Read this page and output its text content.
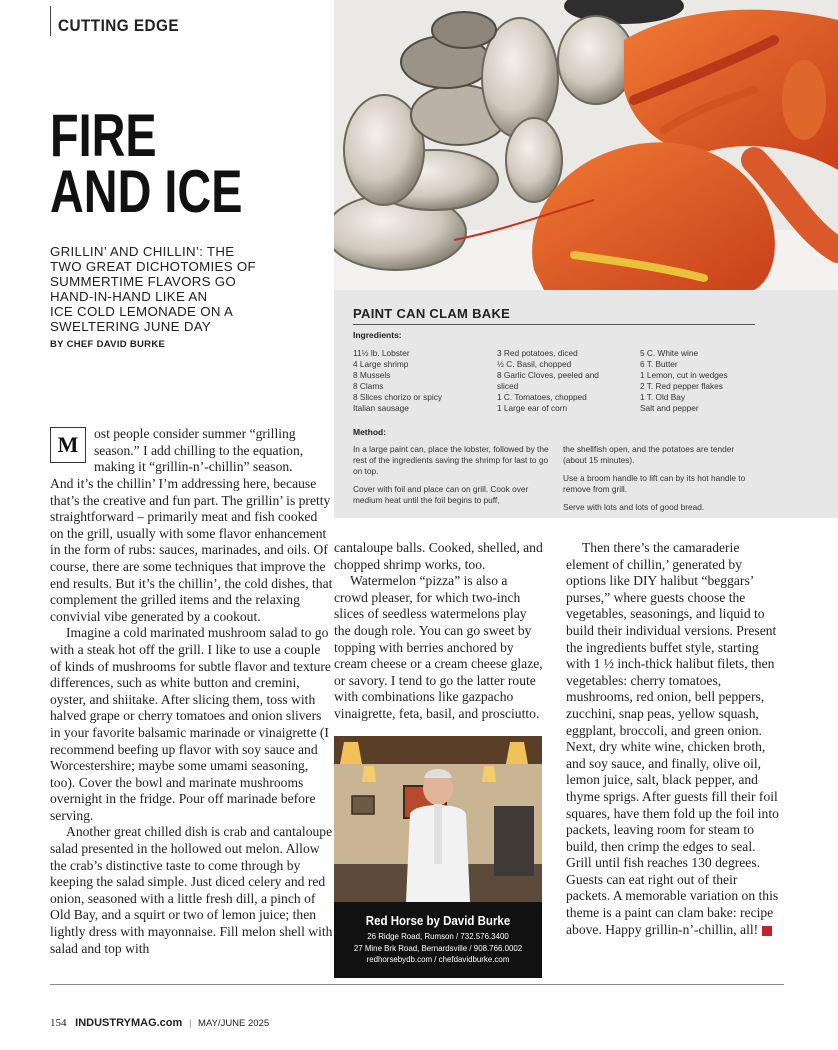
CUTTING EDGE
FIRE
AND ICE
GRILLIN’ AND CHILLIN’: THE
TWO GREAT DICHOTOMIES OF
SUMMERTIME FLAVORS GO
HAND-IN-HAND LIKE AN
ICE COLD LEMONADE ON A
SWELTERING JUNE DAY
BY CHEF DAVID BURKE
PAINT CAN CLAM BAKE
Ingredients:
11½ lb. Lobster
4 Large shrimp
8 Mussels
8 Clams
8 Slices chorizo or spicy
Italian sausage
3 Red potatoes, diced
½ C. Basil, chopped
8 Garlic Cloves, peeled and
sliced
1 C. Tomatoes, chopped
1 Large ear of corn
5 C. White wine
6 T. Butter
1 Lemon, cut in wedges
2 T. Red pepper flakes
1 T. Old Bay
Salt and pepper
Method:

In a large paint can, place the lobster, followed by the rest of the ingredients saving the shrimp for last to go on top.

Cover with foil and place can on grill. Cook over medium heat until the foil begins to puff,

the shellfish open, and the potatoes are tender (about 15 minutes).

Use a broom handle to lift can by its hot handle to remove from grill.

Serve with lots and lots of good bread.

M	ost people consider summer “grilling
season.” I add chilling to the equation,
making it “grillin-n’-chillin” season.

And it’s the chillin’ I’m addressing here, because that’s the creative and fun part. The grillin’ is pretty straightforward – primarily meat and fish cooked on the grill, usually with some flavor enhancement in the form of rubs: sauces, marinades, and oils. Of course, there are some techniques that improve the end results. But it’s the chillin’, the cold dishes, that complement the grilled items and the relaxing convivial vibe generated by a cookout.

Imagine a cold marinated mushroom salad to go with a steak hot off the grill. I like to use a couple of kinds of mushrooms for subtle flavor and texture differences, such as white button and cremini, oyster, and shiitake. After slicing them, toss with halved grape or cherry tomatoes and onion slivers in your favorite balsamic marinade or vinaigrette (I recommend beefing up flavor with soy sauce and Worcestershire; maybe some umami seasoning, too). Cover the bowl and marinate mushrooms overnight in the fridge. Pour off marinade before serving.

Another great chilled dish is crab and cantaloupe salad presented in the hollowed out melon. Allow the crab’s distinctive taste to come through by keeping the salad simple. Just diced celery and red onion, seasoned with a little fresh dill, a pinch of Old Bay, and a squirt or two of lemon juice; then lightly dress with mayonnaise. Fill melon shell with salad and top with

cantaloupe balls. Cooked, shelled, and chopped shrimp works, too.

Watermelon “pizza” is also a crowd pleaser, for which two-inch slices of seedless watermelons play the dough role. You can go sweet by topping with berries anchored by cream cheese or a cream cheese glaze, or savory. I tend to go the latter route with combinations like gazpacho vinaigrette, feta, basil, and prosciutto.

Red Horse by David Burke
26 Ridge Road, Rumson / 732.576.3400
27 Mine Brk Road, Bernardsville / 908.766.0002
redhorsebydb.com / chefdavidburke.com

Then there’s the camaraderie element of chillin,’ generated by options like DIY halibut “beggars’ purses,” where guests choose the vegetables, seasonings, and liquid to build their individual versions. Present the ingredients buffet style, starting with 1 ½ inch-thick halibut filets, then vegetables: cherry tomatoes, mushrooms, red onion, bell peppers, zucchini, snap peas, yellow squash, eggplant, broccoli, and green onion. Next, dry white wine, chicken broth, and soy sauce, and finally, olive oil, lemon juice, salt, black pepper, and thyme sprigs. After guests fill their foil squares, have them fold up the foil into packets, leaving room for steam to build, then crimp the edges to seal. Grill until fish reaches 130 degrees. Guests can eat right out of their packets. A memorable variation on this theme is a paint can clam bake: recipe above. Happy grillin-n’-chillin, all!	I

154 INDUSTRYMAG.com | MAY/JUNE 2025
